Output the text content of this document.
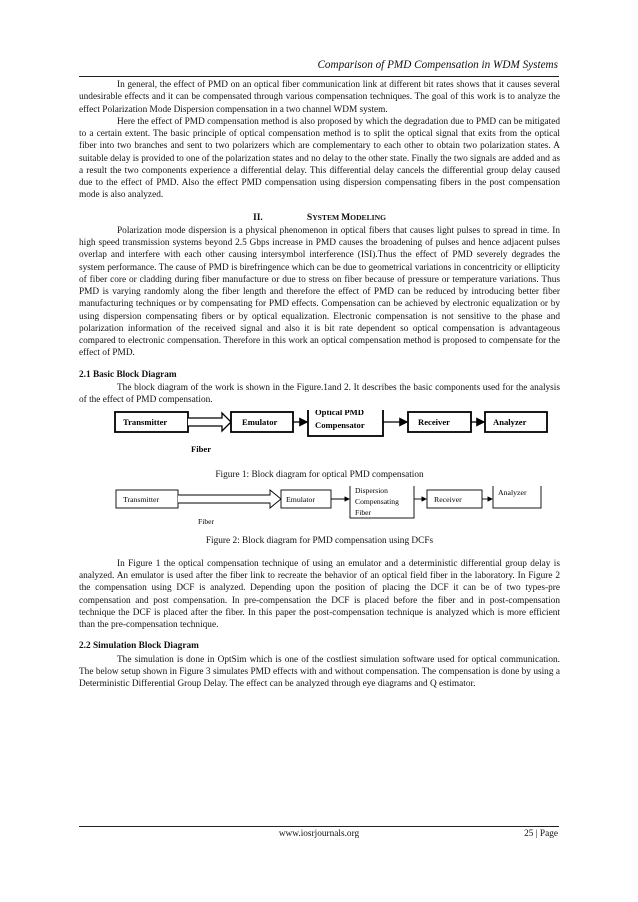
Comparison of PMD Compensation in WDM Systems

In general, the effect of PMD on an optical fiber communication link at different bit rates shows that it causes several undesirable effects and it can be compensated through various compensation techniques. The goal of this work is to analyze the effect Polarization Mode Dispersion compensation in a two channel WDM system.

Here the effect of PMD compensation method is also proposed by which the degradation due to PMD can be mitigated to a certain extent. The basic principle of optical compensation method is to split the optical signal that exits from the optical fiber into two branches and sent to two polarizers which are complementary to each other to obtain two polarization states. A suitable delay is provided to one of the polarization states and no delay to the other state. Finally the two signals are added and as a result the two components experience a differential delay. This differential delay cancels the differential group delay caused due to the effect of PMD. Also the effect PMD compensation using dispersion compensating fibers in the post compensation mode is also analyzed.

II.	SYSTEM MODELING

Polarization mode dispersion is a physical phenomenon in optical fibers that causes light pulses to spread in time. In high speed transmission systems beyond 2.5 Gbps increase in PMD causes the broadening of pulses and hence adjacent pulses overlap and interfere with each other causing intersymbol interference (ISI).Thus the effect of PMD severely degrades the system performance. The cause of PMD is birefringence which can be due to geometrical variations in concentricity or ellipticity of fiber core or cladding during fiber manufacture or due to stress on fiber because of pressure or temperature variations. Thus PMD is varying randomly along the fiber length and therefore the effect of PMD can be reduced by introducing better fiber manufacturing techniques or by compensating for PMD effects. Compensation can be achieved by electronic equalization or by using dispersion compensating fibers or by optical equalization. Electronic compensation is not sensitive to the phase and polarization information of the received signal and also it is bit rate dependent so optical compensation is advantageous compared to electronic compensation. Therefore in this work an optical compensation method is proposed to compensate for the effect of PMD.

2.1 Basic Block Diagram

The block diagram of the work is shown in the Figure.1and 2. It describes the basic components used for the analysis of the effect of PMD compensation.

Transmitter	Emulator
Optical PMD
Compensator	Receiver	Analyzer
Fiber
Figure 1: Block diagram for optical PMD compensation
Transmitter	Emulator
Dispersion
Compensating
Fiber
Receiver
Analyzer
Fiber
Figure 2: Block diagram for PMD compensation using DCFs

In Figure 1 the optical compensation technique of using an emulator and a deterministic differential group delay is analyzed. An emulator is used after the fiber link to recreate the behavior of an optical field fiber in the laboratory. In Figure 2 the compensation using DCF is analyzed. Depending upon the position of placing the DCF it can be of two types-pre compensation and post compensation. In pre-compensation the DCF is placed before the fiber and in post-compensation technique the DCF is placed after the fiber. In this paper the post-compensation technique is analyzed which is more efficient than the pre-compensation technique.

2.2 Simulation Block Diagram

The simulation is done in OptSim which is one of the costliest simulation software used for optical communication. The below setup shown in Figure 3 simulates PMD effects with and without compensation. The compensation is done by using a Deterministic Differential Group Delay. The effect can be analyzed through eye diagrams and Q estimator.

www.iosrjournals.org	25 | Page
